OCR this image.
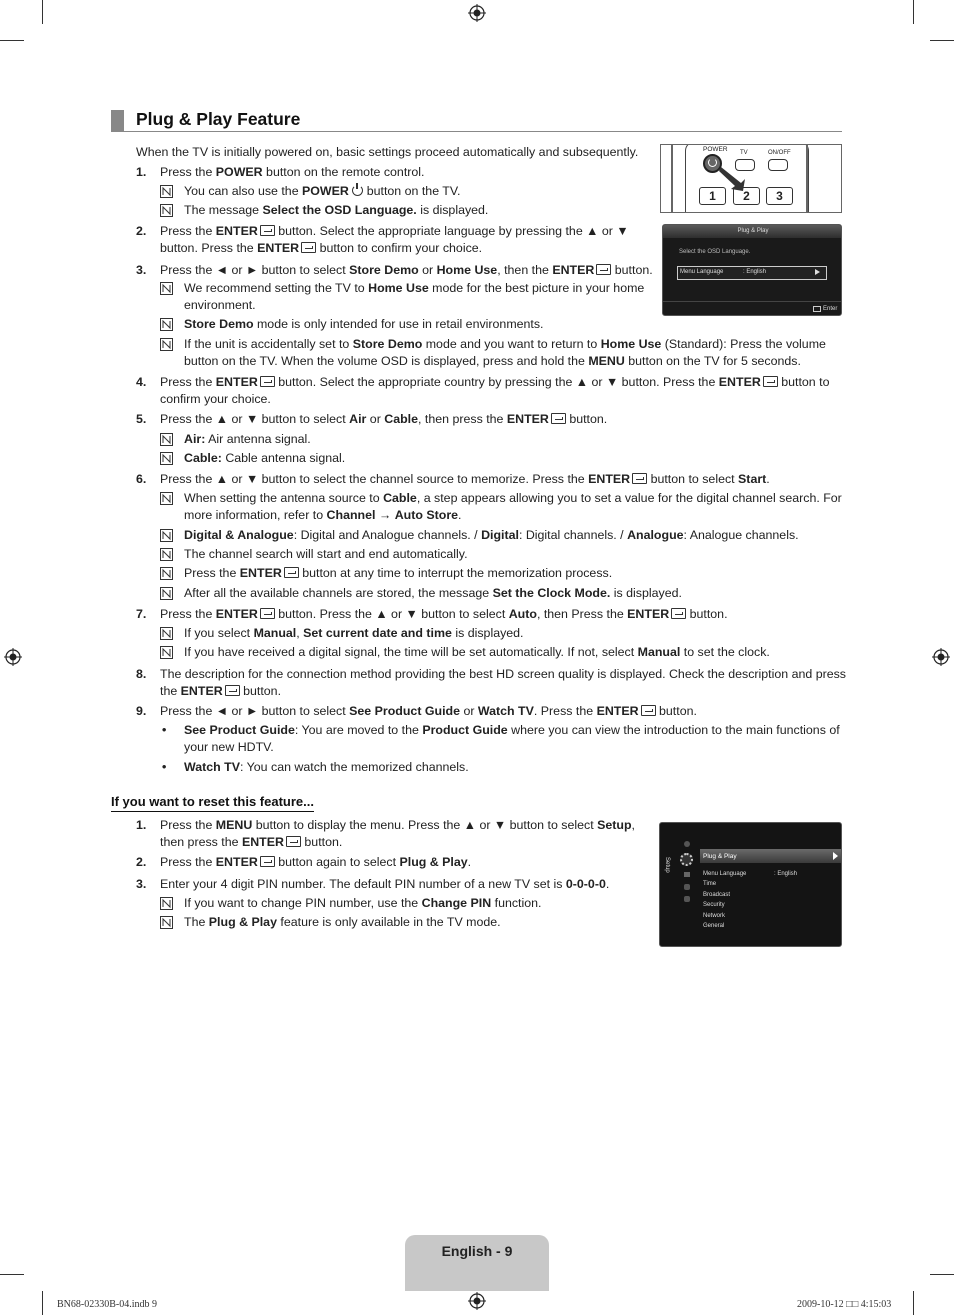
Plug & Play Feature
When the TV is initially powered on, basic settings proceed automatically and subsequently.
1.	Press the POWER button on the remote control.
You can also use the POWER  button on the TV.
The message Select the OSD Language. is displayed.
2.	Press the ENTER button. Select the appropriate language by pressing the ▲ or ▼
button. Press the ENTER button to confirm your choice.
3.	Press the ◄ or ► button to select Store Demo or Home Use, then the ENTER button.
We recommend setting the TV to Home Use mode for the best picture in your home
environment.
Store Demo mode is only intended for use in retail environments.
If the unit is accidentally set to Store Demo mode and you want to return to Home Use (Standard): Press the volume
button on the TV. When the volume OSD is displayed, press and hold the MENU button on the TV for 5 seconds.
4.	Press the ENTER button. Select the appropriate country by pressing the ▲ or ▼ button. Press the ENTER button to
confirm your choice.
5.	Press the ▲ or ▼ button to select Air or Cable, then press the ENTER button.
Air: Air antenna signal.
Cable: Cable antenna signal.
6.	Press the ▲ or ▼ button to select the channel source to memorize. Press the ENTER button to select Start.
When setting the antenna source to Cable, a step appears allowing you to set a value for the digital channel search. For
more information, refer to Channel → Auto Store.
Digital & Analogue: Digital and Analogue channels. / Digital: Digital channels. / Analogue: Analogue channels.
The channel search will start and end automatically.
Press the ENTER button at any time to interrupt the memorization process.
After all the available channels are stored, the message Set the Clock Mode. is displayed.
7.	Press the ENTER button. Press the ▲ or ▼ button to select Auto, then Press the ENTER button.
If you select Manual, Set current date and time is displayed.
If you have received a digital signal, the time will be set automatically. If not, select Manual to set the clock.
8.	The description for the connection method providing the best HD screen quality is displayed. Check the description and press
the ENTER button.
9.	Press the ◄ or ► button to select See Product Guide or Watch TV. Press the ENTER button.
• See Product Guide: You are moved to the Product Guide where you can view the introduction to the main functions of
your new HDTV.
• Watch TV: You can watch the memorized channels.
If you want to reset this feature...
1.	Press the MENU button to display the menu. Press the ▲ or ▼ button to select Setup,
then press the ENTER button.
2.	Press the ENTER button again to select Plug & Play.
3.	Enter your 4 digit PIN number. The default PIN number of a new TV set is 0-0-0-0.
If you want to change PIN number, use the Change PIN function.
The Plug & Play feature is only available in the TV mode.
POWER TV	ON/OFF
1	2	3
Plug & Play
Select the OSD Language.
Menu Language	: English
Enter
Setup
Plug & Play
Menu Language	: English
Time
Broadcast
Security
Network
General
English - 9
BN68-02330B-04.indb 9	2009-10-12 □□ 4:15:03
